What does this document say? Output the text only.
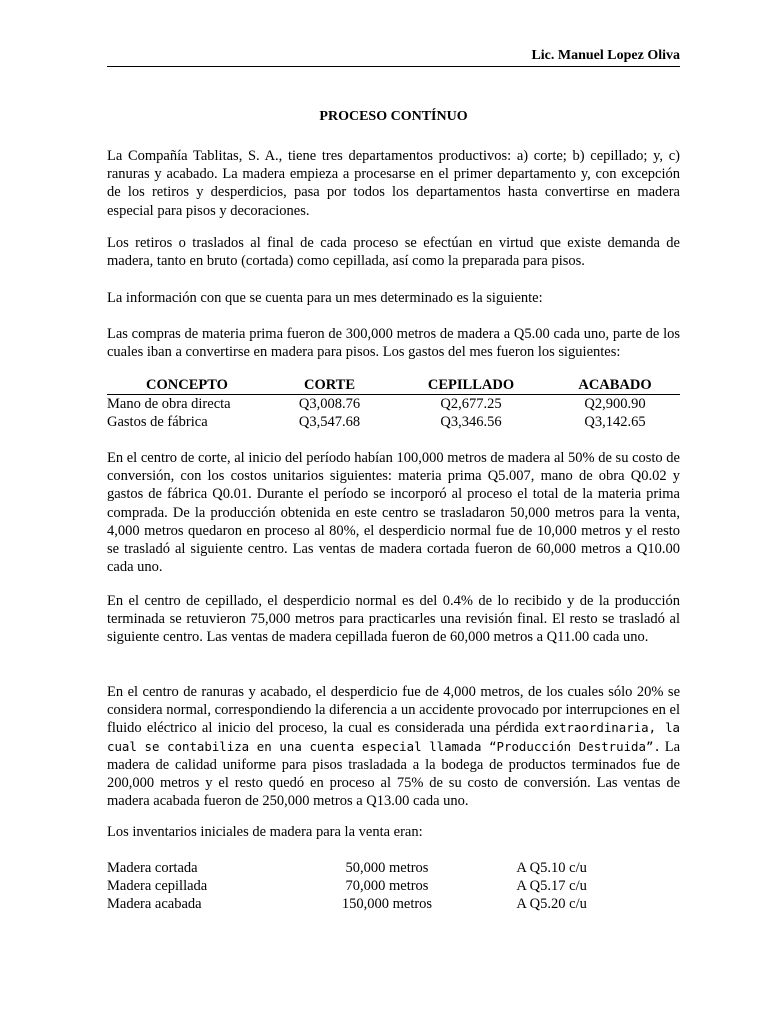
Lic. Manuel Lopez Oliva
PROCESO CONTÍNUO

La Compañía Tablitas, S. A., tiene tres departamentos productivos: a) corte; b) cepillado; y, c) ranuras y acabado. La madera empieza a procesarse en el primer departamento y, con excepción de los retiros y desperdicios, pasa por todos los departamentos hasta convertirse en madera especial para pisos y decoraciones.

Los retiros o traslados al final de cada proceso se efectúan en virtud que existe demanda de madera, tanto en bruto (cortada) como cepillada, así como la preparada para pisos.

La información con que se cuenta para un mes determinado es la siguiente:

Las compras de materia prima fueron de 300,000 metros de madera a Q5.00 cada uno, parte de los cuales iban a convertirse en madera para pisos. Los gastos del mes fueron los siguientes:

CONCEPTO	CORTE	CEPILLADO	ACABADO
Mano de obra directa	Q3,008.76	Q2,677.25	Q2,900.90
Gastos de fábrica	Q3,547.68	Q3,346.56	Q3,142.65

En el centro de corte, al inicio del período habían 100,000 metros de madera al 50% de su costo de conversión, con los costos unitarios siguientes: materia prima Q5.007, mano de obra Q0.02 y gastos de fábrica Q0.01. Durante el período se incorporó al proceso el total de la materia prima comprada. De la producción obtenida en este centro se trasladaron 50,000 metros para la venta, 4,000 metros quedaron en proceso al 80%, el desperdicio normal fue de 10,000 metros y el resto se trasladó al siguiente centro. Las ventas de madera cortada fueron de 60,000 metros a Q10.00 cada uno.

En el centro de cepillado, el desperdicio normal es del 0.4% de lo recibido y de la producción terminada se retuvieron 75,000 metros para practicarles una revisión final. El resto se trasladó al siguiente centro. Las ventas de madera cepillada fueron de 60,000 metros a Q11.00 cada uno.

En el centro de ranuras y acabado, el desperdicio fue de 4,000 metros, de los cuales sólo 20% se considera normal, correspondiendo la diferencia a un accidente provocado por interrupciones en el fluido eléctrico al inicio del proceso, la cual es considerada una pérdida extraordinaria, la cual se contabiliza en una cuenta especial llamada “Producción Destruida”. La madera de calidad uniforme para pisos trasladada a la bodega de productos terminados fue de 200,000 metros y el resto quedó en proceso al 75% de su costo de conversión. Las ventas de madera acabada fueron de 250,000 metros a Q13.00 cada uno.

Los inventarios iniciales de madera para la venta eran:

Madera cortada	50,000 metros	A Q5.10 c/u
Madera cepillada	70,000 metros	A Q5.17 c/u
Madera acabada	150,000 metros	A Q5.20 c/u
